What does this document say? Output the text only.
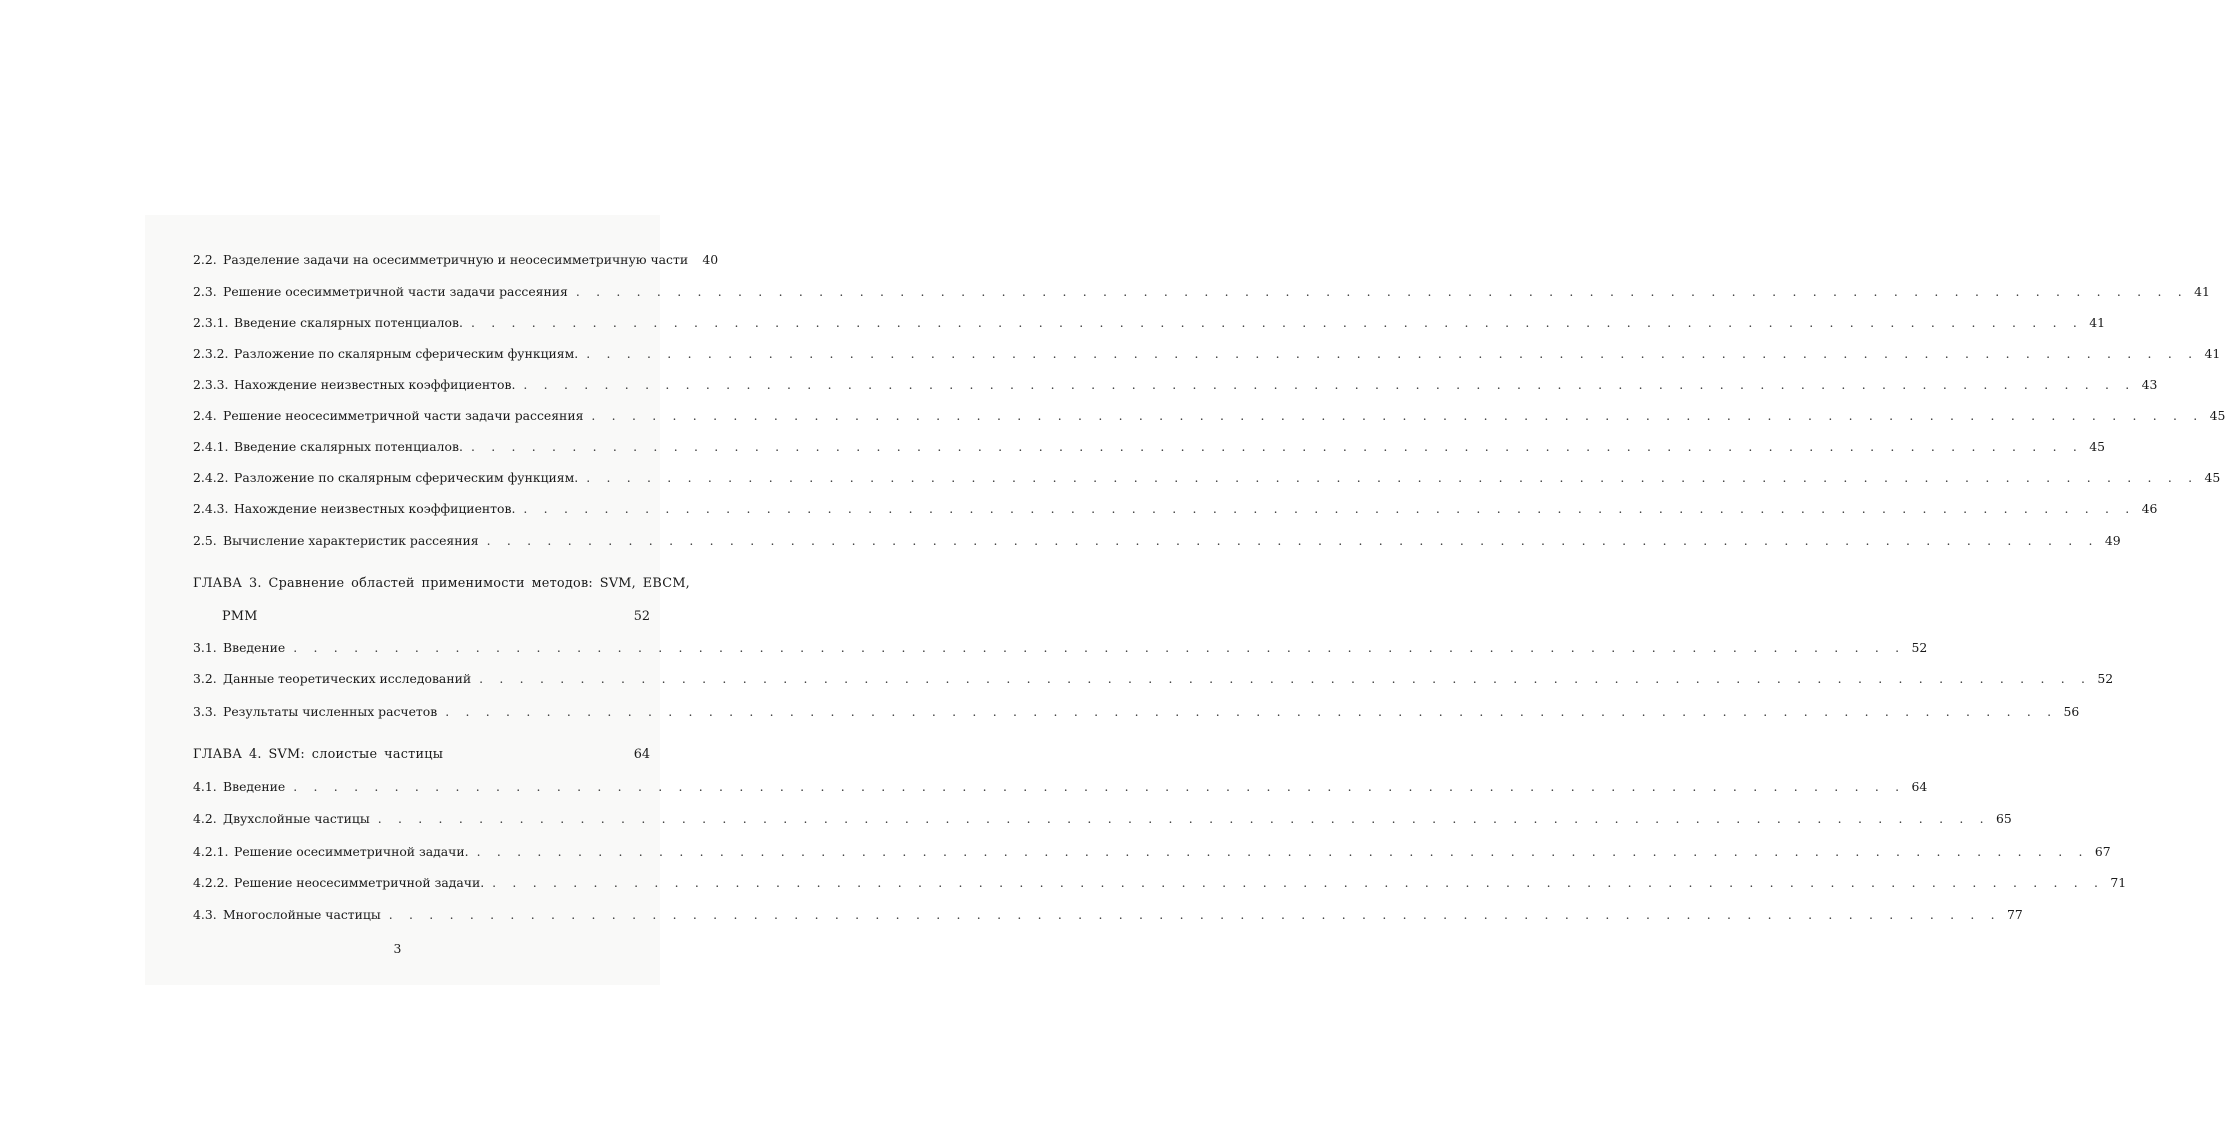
2.2. Разделение задачи на осесимметричную и неосесимметричную части	40
2.3. Решение осесимметричной части задачи рассеяния . . . . . . . . . . . . . . . . . . . . . . . . . . . . . . . . . . . . . . . . . . . . . . . . . . . . . . . . . . . . . . . . . . . . . . . . . . . . . . . . 41
2.3.1. Введение скалярных потенциалов. . . . . . . . . . . . . . . . . . . . . . . . . . . . . . . . . . . . . . . . . . . . . . . . . . . . . . . . . . . . . . . . . . . . . . . . . . . . . . . . . 41
2.3.2. Разложение по скалярным сферическим функциям. . . . . . . . . . . . . . . . . . . . . . . . . . . . . . . . . . . . . . . . . . . . . . . . . . . . . . . . . . . . . . . . . . . . . . . . . . . . . . . . . 41
2.3.3. Нахождение неизвестных коэффициентов. . . . . . . . . . . . . . . . . . . . . . . . . . . . . . . . . . . . . . . . . . . . . . . . . . . . . . . . . . . . . . . . . . . . . . . . . . . . . . . . . 43
2.4. Решение неосесимметричной части задачи рассеяния . . . . . . . . . . . . . . . . . . . . . . . . . . . . . . . . . . . . . . . . . . . . . . . . . . . . . . . . . . . . . . . . . . . . . . . . . . . . . . . . 45
2.4.1. Введение скалярных потенциалов. . . . . . . . . . . . . . . . . . . . . . . . . . . . . . . . . . . . . . . . . . . . . . . . . . . . . . . . . . . . . . . . . . . . . . . . . . . . . . . . . 45
2.4.2. Разложение по скалярным сферическим функциям. . . . . . . . . . . . . . . . . . . . . . . . . . . . . . . . . . . . . . . . . . . . . . . . . . . . . . . . . . . . . . . . . . . . . . . . . . . . . . . . . 45
2.4.3. Нахождение неизвестных коэффициентов. . . . . . . . . . . . . . . . . . . . . . . . . . . . . . . . . . . . . . . . . . . . . . . . . . . . . . . . . . . . . . . . . . . . . . . . . . . . . . . . . 46
2.5. Вычисление характеристик рассеяния . . . . . . . . . . . . . . . . . . . . . . . . . . . . . . . . . . . . . . . . . . . . . . . . . . . . . . . . . . . . . . . . . . . . . . . . . . . . . . . . 49
ГЛАВА 3. Сравнение областей применимости методов: SVM, EBCM,
PMM	52
3.1. Введение . . . . . . . . . . . . . . . . . . . . . . . . . . . . . . . . . . . . . . . . . . . . . . . . . . . . . . . . . . . . . . . . . . . . . . . . . . . . . . . . 52
3.2. Данные теоретических исследований . . . . . . . . . . . . . . . . . . . . . . . . . . . . . . . . . . . . . . . . . . . . . . . . . . . . . . . . . . . . . . . . . . . . . . . . . . . . . . . . 52
3.3. Результаты численных расчетов . . . . . . . . . . . . . . . . . . . . . . . . . . . . . . . . . . . . . . . . . . . . . . . . . . . . . . . . . . . . . . . . . . . . . . . . . . . . . . . . 56
ГЛАВА 4. SVM: слоистые частицы	64
4.1. Введение . . . . . . . . . . . . . . . . . . . . . . . . . . . . . . . . . . . . . . . . . . . . . . . . . . . . . . . . . . . . . . . . . . . . . . . . . . . . . . . . 64
4.2. Двухслойные частицы . . . . . . . . . . . . . . . . . . . . . . . . . . . . . . . . . . . . . . . . . . . . . . . . . . . . . . . . . . . . . . . . . . . . . . . . . . . . . . . . 65
4.2.1. Решение осесимметричной задачи. . . . . . . . . . . . . . . . . . . . . . . . . . . . . . . . . . . . . . . . . . . . . . . . . . . . . . . . . . . . . . . . . . . . . . . . . . . . . . . . . 67
4.2.2. Решение неосесимметричной задачи. . . . . . . . . . . . . . . . . . . . . . . . . . . . . . . . . . . . . . . . . . . . . . . . . . . . . . . . . . . . . . . . . . . . . . . . . . . . . . . . . 71
4.3. Многослойные частицы . . . . . . . . . . . . . . . . . . . . . . . . . . . . . . . . . . . . . . . . . . . . . . . . . . . . . . . . . . . . . . . . . . . . . . . . . . . . . . . . 77
3
